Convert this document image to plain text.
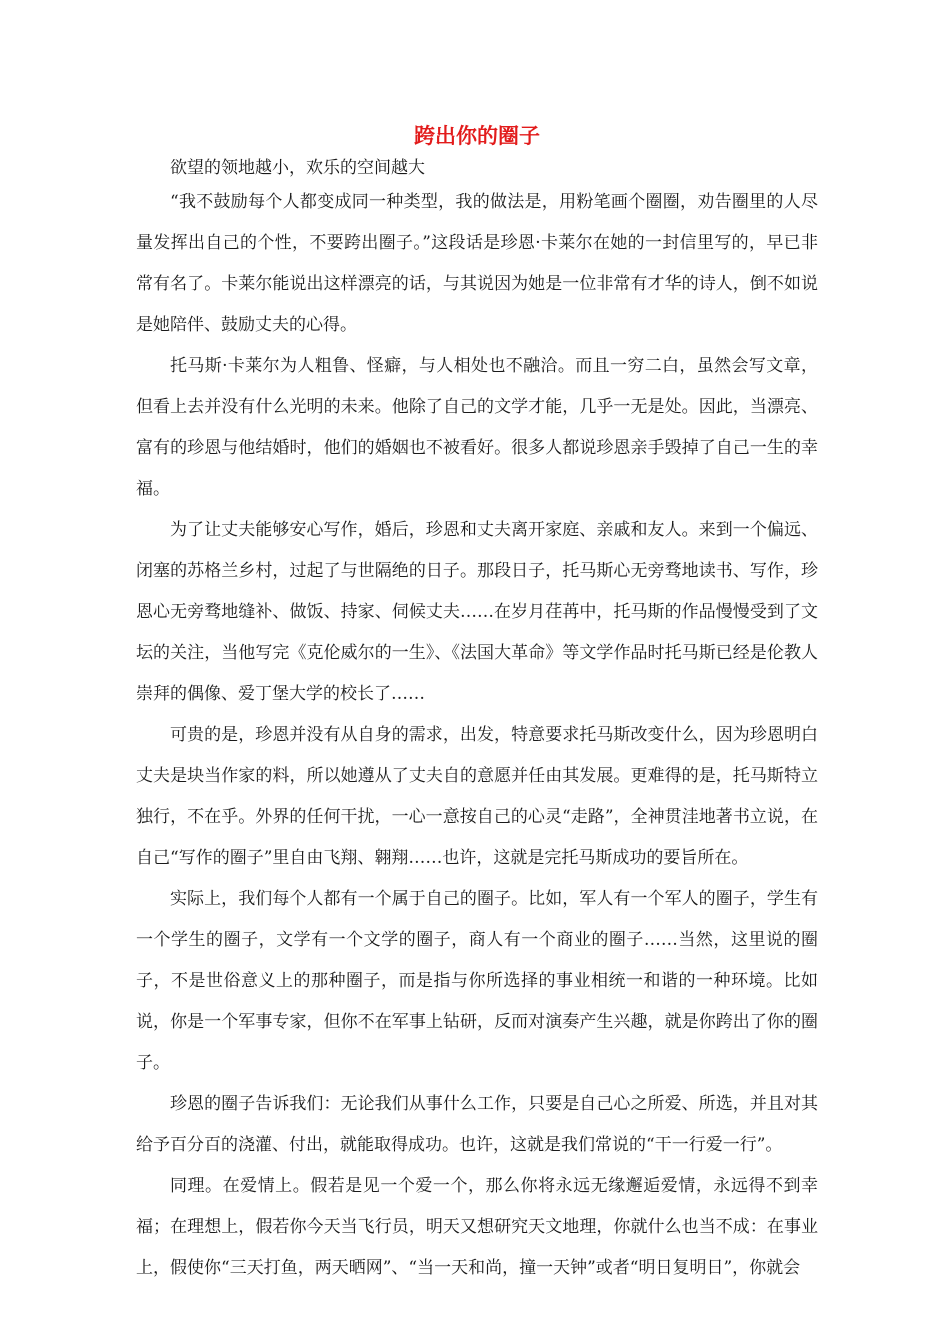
跨出你的圈子

欲望的领地越小，欢乐的空间越大

“我不鼓励每个人都变成同一种类型，我的做法是，用粉笔画个圈圈，劝告圈里的人尽量发挥出自己的个性，不要跨出圈子。”这段话是珍恩·卡莱尔在她的一封信里写的，早已非常有名了。卡莱尔能说出这样漂亮的话，与其说因为她是一位非常有才华的诗人，倒不如说是她陪伴、鼓励丈夫的心得。

托马斯·卡莱尔为人粗鲁、怪癖，与人相处也不融洽。而且一穷二白，虽然会写文章，但看上去并没有什么光明的未来。他除了自己的文学才能，几乎一无是处。因此，当漂亮、富有的珍恩与他结婚时，他们的婚姻也不被看好。很多人都说珍恩亲手毁掉了自己一生的幸福。

为了让丈夫能够安心写作，婚后，珍恩和丈夫离开家庭、亲戚和友人。来到一个偏远、闭塞的苏格兰乡村，过起了与世隔绝的日子。那段日子，托马斯心无旁骛地读书、写作，珍恩心无旁骛地缝补、做饭、持家、伺候丈夫……在岁月荏苒中，托马斯的作品慢慢受到了文坛的关注，当他写完《克伦威尔的一生》、《法国大革命》等文学作品时托马斯已经是伦教人崇拜的偶像、爱丁堡大学的校长了……

可贵的是，珍恩并没有从自身的需求，出发，特意要求托马斯改变什么，因为珍恩明白丈夫是块当作家的料，所以她遵从了丈夫自的意愿并任由其发展。更难得的是，托马斯特立独行，不在乎。外界的任何干扰，一心一意按自己的心灵“走路”，全神贯洼地著书立说，在自己“写作的圈子”里自由飞翔、翱翔……也许，这就是完托马斯成功的要旨所在。

实际上，我们每个人都有一个属于自己的圈子。比如，军人有一个军人的圈子，学生有一个学生的圈子，文学有一个文学的圈子，商人有一个商业的圈子……当然，这里说的圈子，不是世俗意义上的那种圈子，而是指与你所选择的事业相统一和谐的一种环境。比如说，你是一个军事专家，但你不在军事上钻研，反而对演奏产生兴趣，就是你跨出了你的圈子。

珍恩的圈子告诉我们：无论我们从事什么工作，只要是自己心之所爱、所选，并且对其给予百分百的浇灌、付出，就能取得成功。也许，这就是我们常说的“干一行爱一行”。

同理。在爱情上。假若是见一个爱一个，那么你将永远无缘邂逅爱情，永远得不到幸福；在理想上，假若你今天当飞行员，明天又想研究天文地理，你就什么也当不成：在事业上，假使你“三天打鱼，两天晒网”、“当一天和尚，撞一天钟”或者“明日复明日”，你就会
